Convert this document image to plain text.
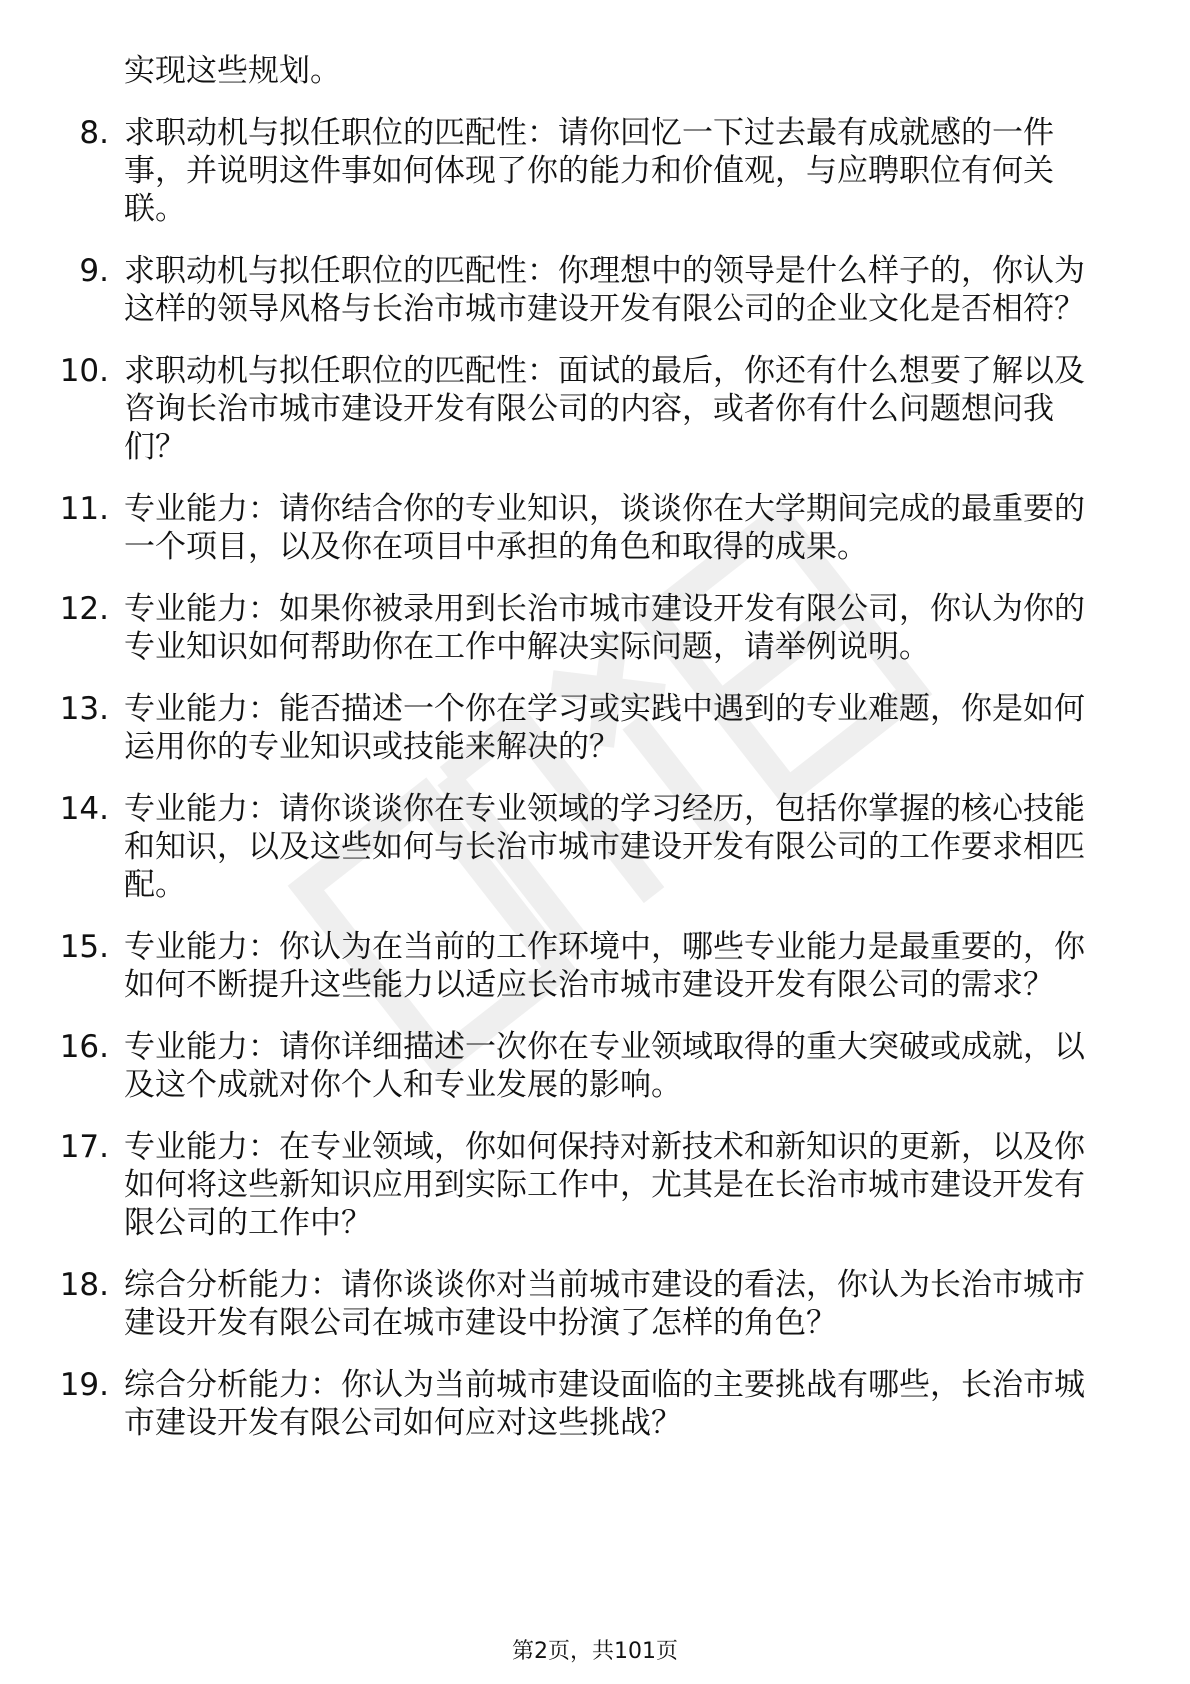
实现这些规划。
8. 求职动机与拟任职位的匹配性：请你回忆一下过去最有成就感的一件事，并说明这件事如何体现了你的能力和价值观，与应聘职位有何关联。
9. 求职动机与拟任职位的匹配性：你理想中的领导是什么样子的，你认为这样的领导风格与长治市城市建设开发有限公司的企业文化是否相符？
10. 求职动机与拟任职位的匹配性：面试的最后，你还有什么想要了解以及咨询长治市城市建设开发有限公司的内容，或者你有什么问题想问我们？
11. 专业能力：请你结合你的专业知识，谈谈你在大学期间完成的最重要的一个项目，以及你在项目中承担的角色和取得的成果。
12. 专业能力：如果你被录用到长治市城市建设开发有限公司，你认为你的专业知识如何帮助你在工作中解决实际问题，请举例说明。
13. 专业能力：能否描述一个你在学习或实践中遇到的专业难题，你是如何运用你的专业知识或技能来解决的？
14. 专业能力：请你谈谈你在专业领域的学习经历，包括你掌握的核心技能和知识，以及这些如何与长治市城市建设开发有限公司的工作要求相匹配。
15. 专业能力：你认为在当前的工作环境中，哪些专业能力是最重要的，你如何不断提升这些能力以适应长治市城市建设开发有限公司的需求？
16. 专业能力：请你详细描述一次你在专业领域取得的重大突破或成就，以及这个成就对你个人和专业发展的影响。
17. 专业能力：在专业领域，你如何保持对新技术和新知识的更新，以及你如何将这些新知识应用到实际工作中，尤其是在长治市城市建设开发有限公司的工作中？
18. 综合分析能力：请你谈谈你对当前城市建设的看法，你认为长治市城市建设开发有限公司在城市建设中扮演了怎样的角色？
19. 综合分析能力：你认为当前城市建设面临的主要挑战有哪些，长治市城市建设开发有限公司如何应对这些挑战？
第2页，共101页
